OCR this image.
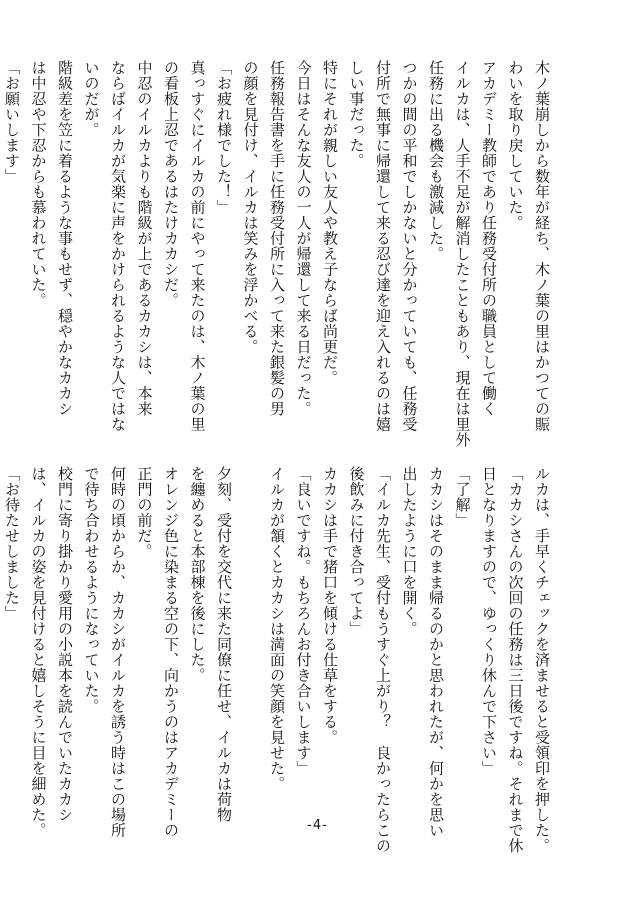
木ノ葉崩しから数年が経ち、木ノ葉の里はかつての賑
わいを取り戻していた。
アカデミー教師であり任務受付所の職員として働く
イルカは、人手不足が解消したこともあり、現在は里外
任務に出る機会も激減した。
つかの間の平和でしかないと分かっていても、任務受
付所で無事に帰還して来る忍び達を迎え入れるのは嬉
しい事だった。
特にそれが親しい友人や教え子ならば尚更だ。
今日はそんな友人の一人が帰還して来る日だった。
任務報告書を手に任務受付所に入って来た銀髪の男
の顔を見付け、イルカは笑みを浮かべる。
「お疲れ様でした！」
真っすぐにイルカの前にやって来たのは、木ノ葉の里
の看板上忍であるはたけカカシだ。
中忍のイルカよりも階級が上であるカカシは、本来
ならばイルカが気楽に声をかけられるような人ではな
いのだが。
階級差を笠に着るような事もせず、穏やかなカカシ
は中忍や下忍からも慕われていた。
「お願いします」
ルカは、手早くチェックを済ませると受領印を押した。
「カカシさんの次回の任務は三日後ですね。それまで休
日となりますので、ゆっくり休んで下さい」
「了解」
カカシはそのまま帰るのかと思われたが、何かを思い
出したように口を開く。
「イルカ先生、受付もうすぐ上がり？　良かったらこの
後飲みに付き合ってよ」
カカシは手で猪口を傾ける仕草をする。
「良いですね。もちろんお付き合いします」
イルカが頷くとカカシは満面の笑顔を見せた。

夕刻、受付を交代に来た同僚に任せ、イルカは荷物
を纏めると本部棟を後にした。
オレンジ色に染まる空の下、向かうのはアカデミーの
正門の前だ。
何時の頃からか、カカシがイルカを誘う時はこの場所
で待ち合わせるようになっていた。
校門に寄り掛かり愛用の小説本を読んでいたカカシ
は、イルカの姿を見付けると嬉しそうに目を細めた。
「お待たせしました」
-4-
